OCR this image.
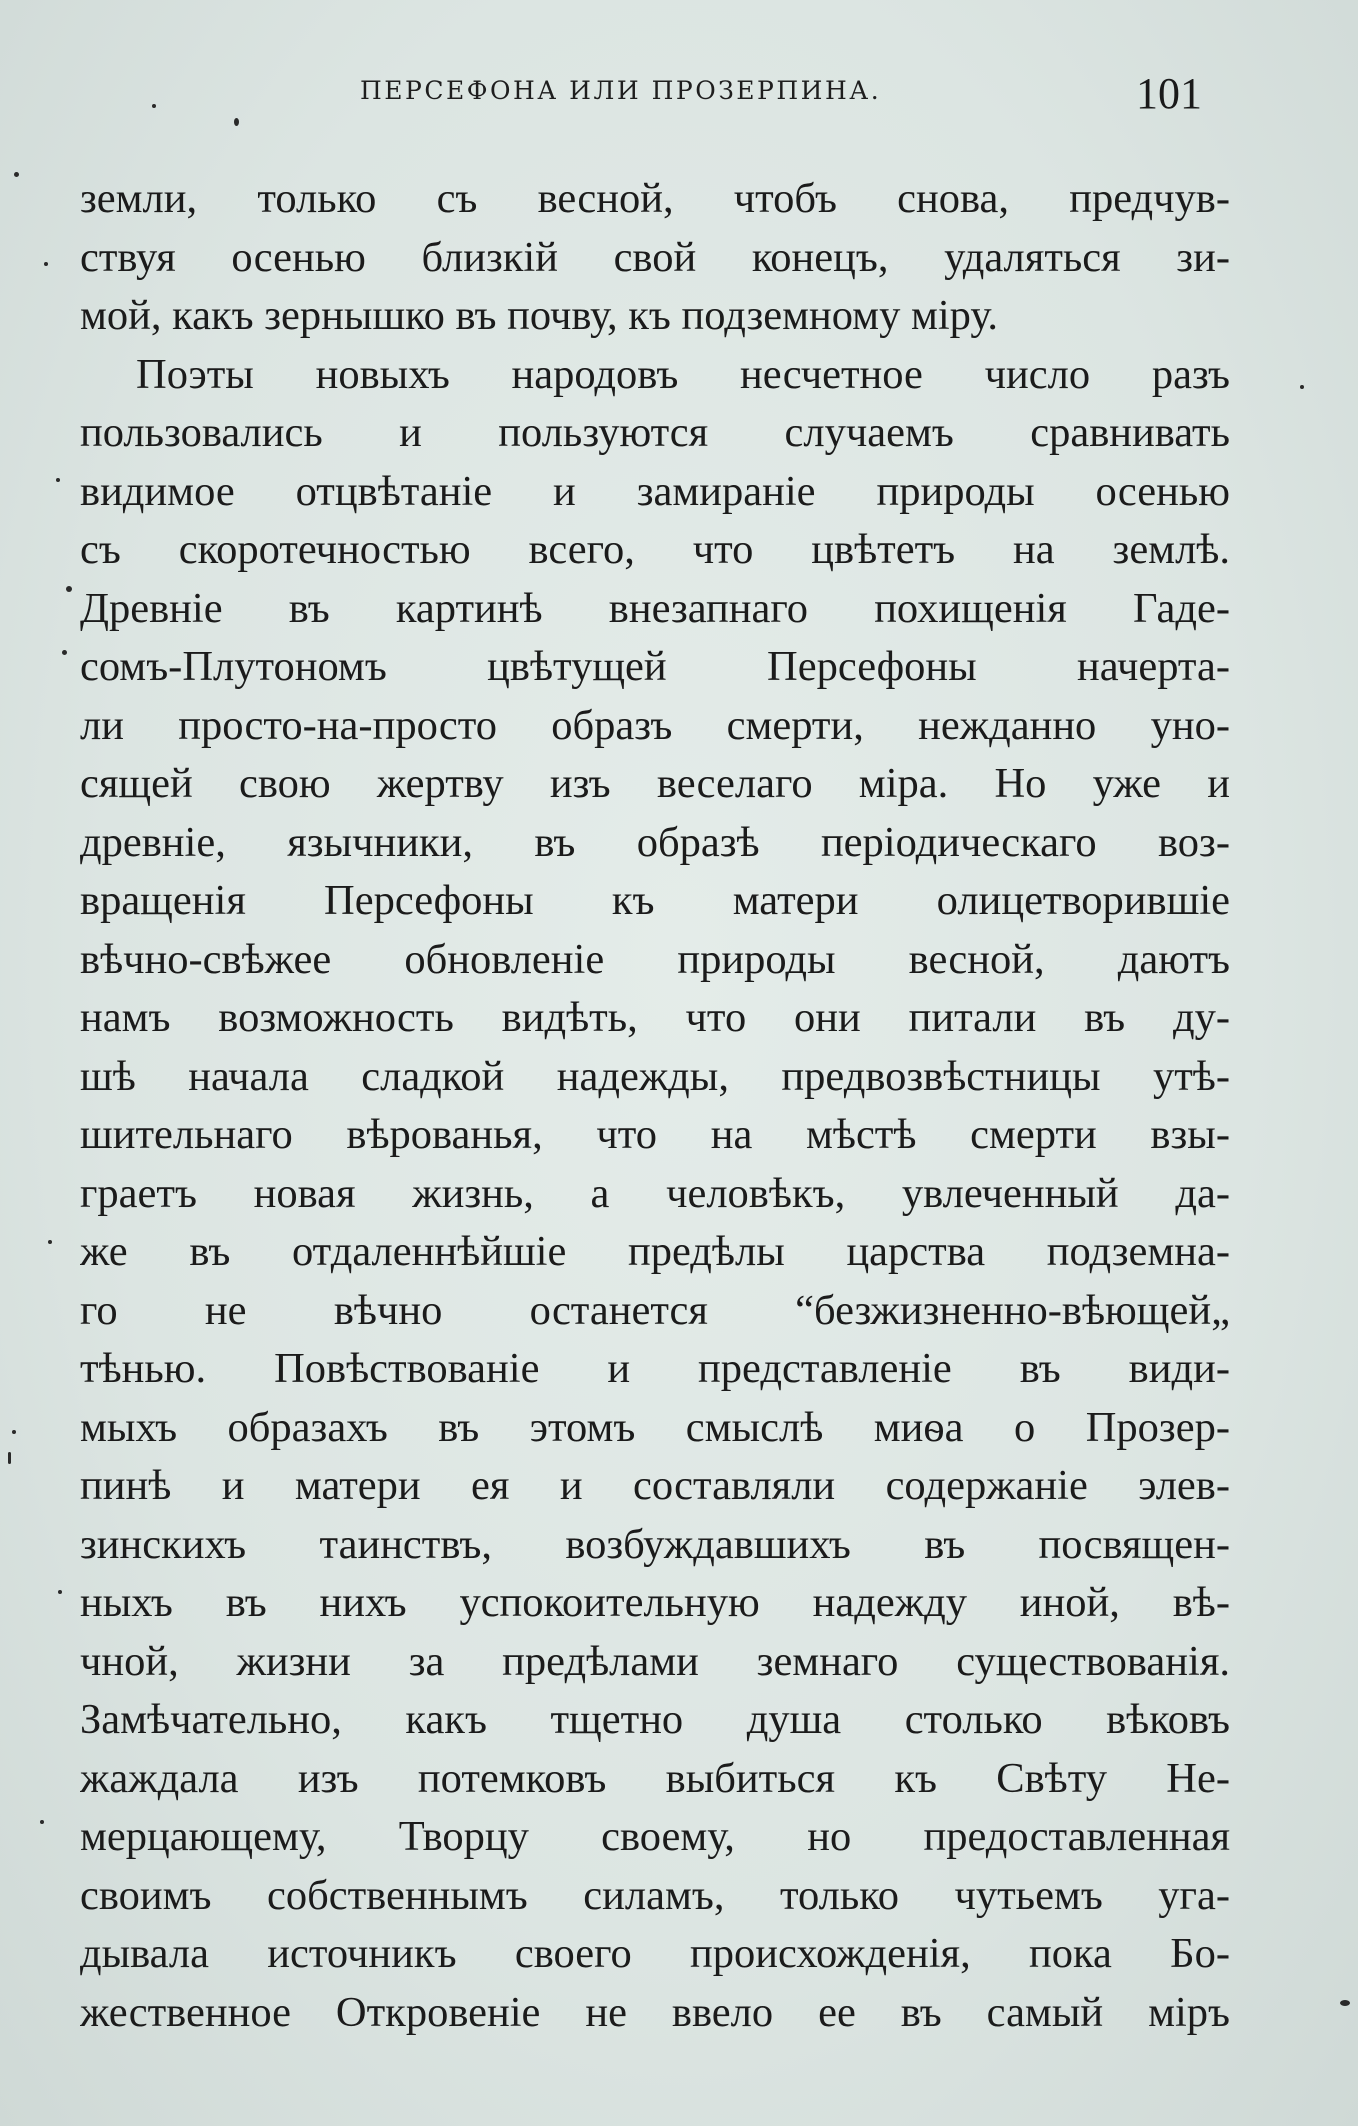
ПЕРСЕФОНА ИЛИ ПРОЗЕРПИНА.	101
земли, только съ весной, чтобъ снова, предчув-
ствуя осенью близкій свой конецъ, удаляться зи-
мой, какъ зернышко въ почву, къ подземному міру.
Поэты новыхъ народовъ несчетное число разъ
пользовались и пользуются случаемъ сравнивать
видимое отцвѣтаніе и замираніе природы осенью
съ скоротечностью всего, что цвѣтетъ на землѣ.
Древніе въ картинѣ внезапнаго похищенія Гаде-
сомъ-Плутономъ цвѣтущей Персефоны начерта-
ли просто-на-просто образъ смерти, нежданно уно-
сящей свою жертву изъ веселаго міра. Но уже и
древніе, язычники, въ образѣ періодическаго воз-
вращенія Персефоны къ матери олицетворившіе
вѣчно-свѣжее обновленіе природы весной, даютъ
намъ возможность видѣть, что они питали въ ду-
шѣ начала сладкой надежды, предвозвѣстницы утѣ-
шительнаго вѣрованья, что на мѣстѣ смерти взы-
граетъ новая жизнь, а человѣкъ, увлеченный да-
же въ отдаленнѣйшіе предѣлы царства подземна-
го не вѣчно останется “безжизненно-вѣющей„
тѣнью. Повѣствованіе и представленіе въ види-
мыхъ образахъ въ этомъ смыслѣ миѳа о Прозер-
пинѣ и матери ея и составляли содержаніе элев-
зинскихъ таинствъ, возбуждавшихъ въ посвящен-
ныхъ въ нихъ успокоительную надежду иной, вѣ-
чной, жизни за предѣлами земнаго существованія.
Замѣчательно, какъ тщетно душа столько вѣковъ
жаждала изъ потемковъ выбиться къ Свѣту Не-
мерцающему, Творцу своему, но предоставленная
своимъ собственнымъ силамъ, только чутьемъ уга-
дывала источникъ своего происхожденія, пока Бо-
жественное Откровеніе не ввело ее въ самый міръ
